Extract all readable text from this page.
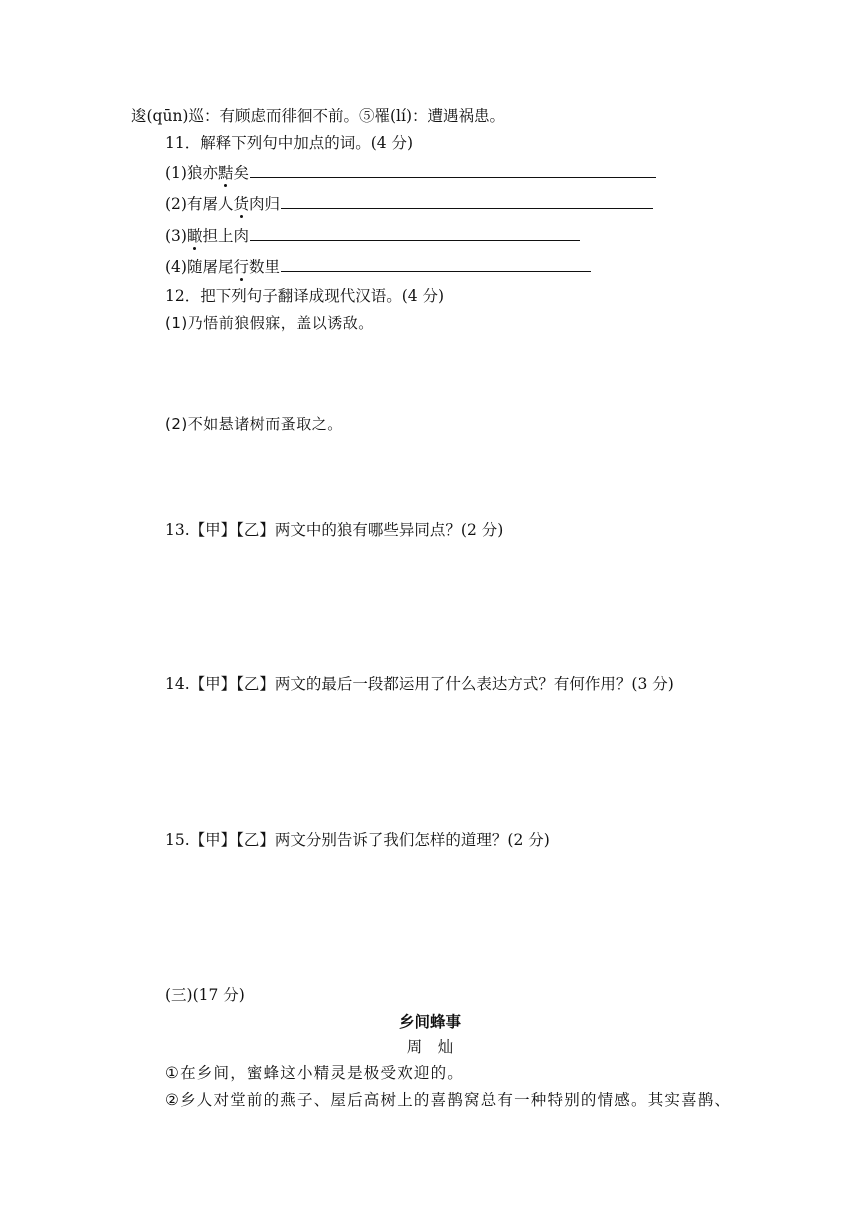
逡(qūn)巡：有顾虑而徘徊不前。⑤罹(lí)：遭遇祸患。
11．解释下列句中加点的词。(4 分)
(1)狼亦黠矣
(2)有屠人货肉归
(3)瞰担上肉
(4)随屠尾行数里
12．把下列句子翻译成现代汉语。(4 分)
(1)乃悟前狼假寐，盖以诱敌。
(2)不如悬诸树而蚤取之。
13.【甲】【乙】两文中的狼有哪些异同点？(2 分)
14.【甲】【乙】两文的最后一段都运用了什么表达方式？有何作用？(3 分)
15.【甲】【乙】两文分别告诉了我们怎样的道理？(2 分)
(三)(17 分)
乡间蜂事
周　灿
①在乡间，蜜蜂这小精灵是极受欢迎的。
②乡人对堂前的燕子、屋后高树上的喜鹊窝总有一种特别的情感。其实喜鹊、
